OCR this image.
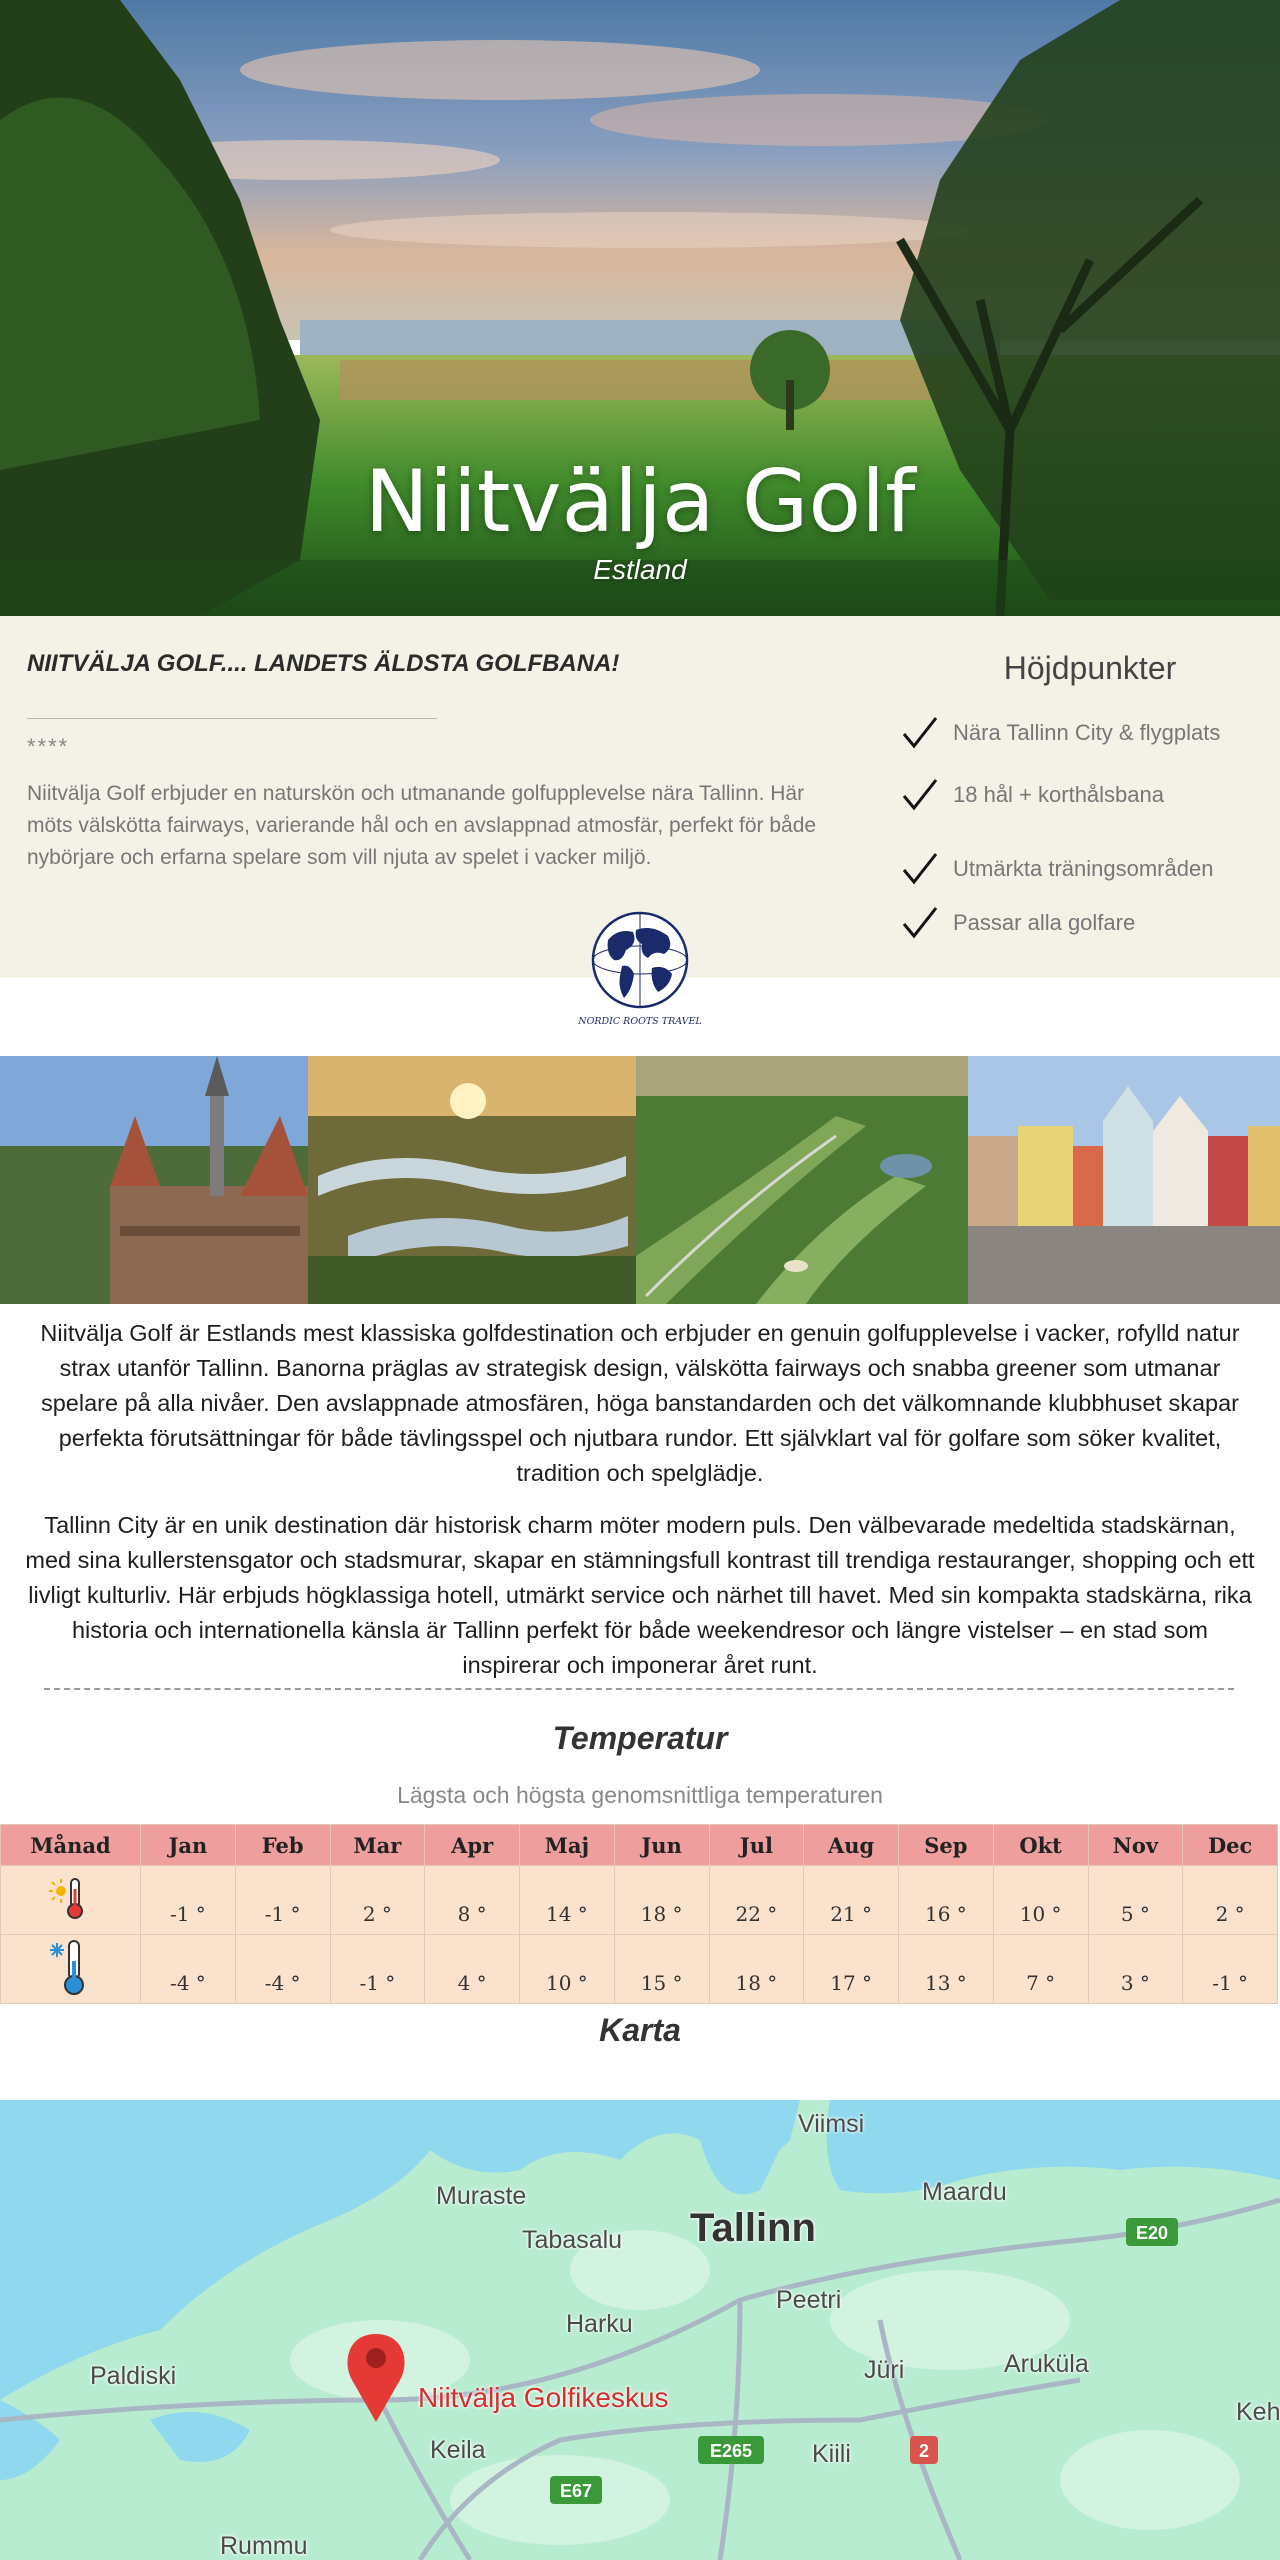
Niitvälja Golf
Estland
NIITVÄLJA GOLF.... LANDETS ÄLDSTA GOLFBANA!
****
Niitvälja Golf erbjuder en naturskön och utmanande golfupplevelse nära Tallinn. Här möts välskötta fairways, varierande hål och en avslappnad atmosfär, perfekt för både nybörjare och erfarna spelare som vill njuta av spelet i vacker miljö.
Höjdpunkter
Nära Tallinn City & flygplats
18 hål + korthålsbana
Utmärkta träningsområden
Passar alla golfare
NORDIC ROOTS TRAVEL
Niitvälja Golf är Estlands mest klassiska golfdestination och erbjuder en genuin golfupplevelse i vacker, rofylld natur strax utanför Tallinn. Banorna präglas av strategisk design, välskötta fairways och snabba greener som utmanar spelare på alla nivåer. Den avslappnade atmosfären, höga banstandarden och det välkomnande klubbhuset skapar perfekta förutsättningar för både tävlingsspel och njutbara rundor. Ett självklart val för golfare som söker kvalitet, tradition och spelglädje.
Tallinn City är en unik destination där historisk charm möter modern puls. Den välbevarade medeltida stadskärnan, med sina kullerstensgator och stadsmurar, skapar en stämningsfull kontrast till trendiga restauranger, shopping och ett livligt kulturliv. Här erbjuds högklassiga hotell, utmärkt service och närhet till havet. Med sin kompakta stadskärna, rika historia och internationella känsla är Tallinn perfekt för både weekendresor och längre vistelser – en stad som inspirerar och imponerar året runt.
Temperatur
Lägsta och högsta genomsnittliga temperaturen
Månad	Jan	Feb	Mar	Apr	Maj	Jun	Jul	Aug	Sep	Okt	Nov	Dec
	-1 °	-1 °	2 °	8 °	14 °	18 °	22 °	21 °	16 °	10 °	5 °	2 °
	-4 °	-4 °	-1 °	4 °	10 °	15 °	18 °	17 °	13 °	7 °	3 °	-1 °
Karta
E20
E265
E67
2
Viimsi
Muraste	Maardu
Tallinn
Tabasalu
Harku
Peetri
Paldiski	Jüri	Aruküla
Keila	Kiili
Rummu
Keh
Niitvälja Golfikeskus
